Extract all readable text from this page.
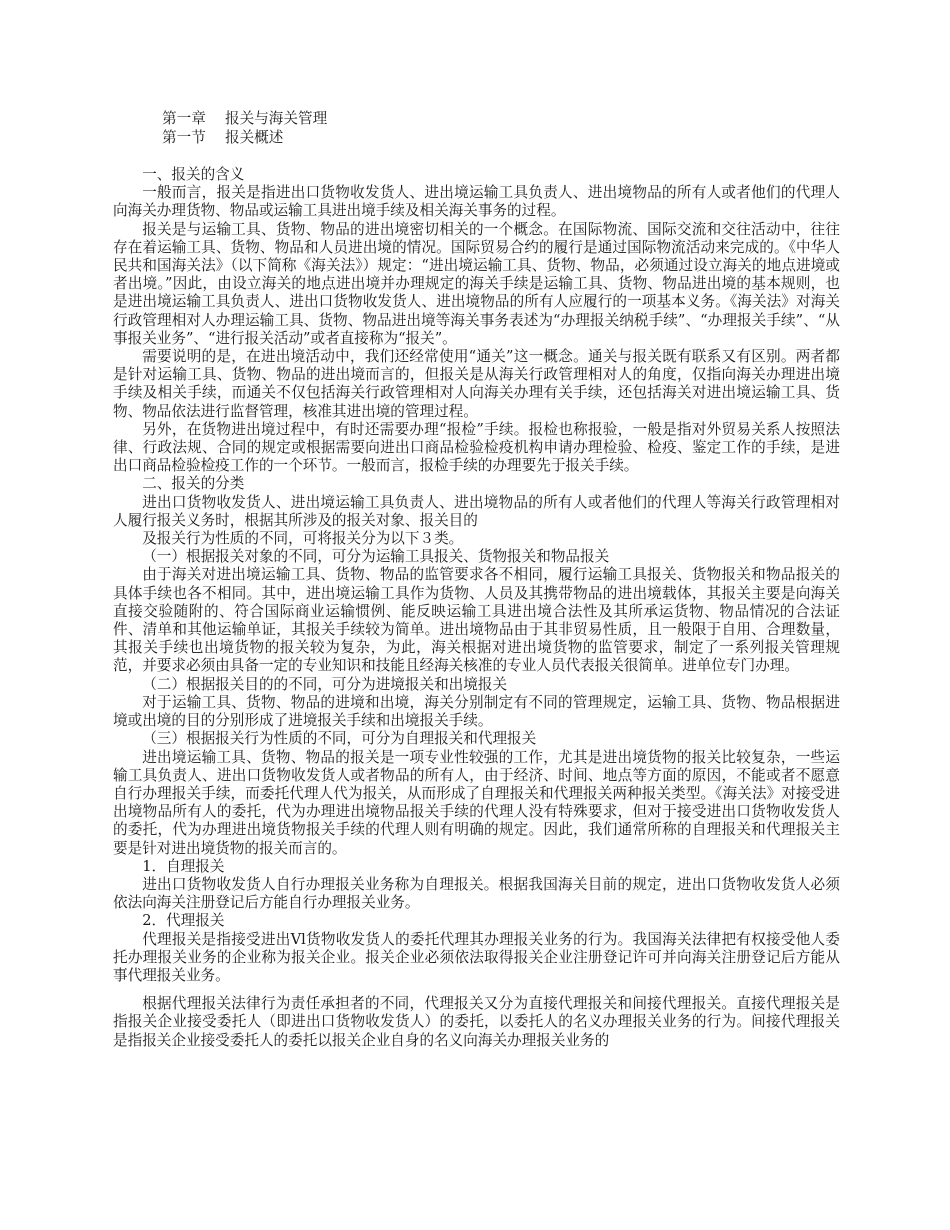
第一章　 报关与海关管理
第一节　 报关概述

一、报关的含义

一般而言，报关是指进出口货物收发货人、进出境运输工具负责人、进出境物品的所有人或者他们的代理人向海关办理货物、物品或运输工具进出境手续及相关海关事务的过程。

报关是与运输工具、货物、物品的进出境密切相关的一个概念。在国际物流、国际交流和交往活动中，往往存在着运输工具、货物、物品和人员进出境的情况。国际贸易合约的履行是通过国际物流活动来完成的。《中华人民共和国海关法》（以下简称《海关法》）规定：“进出境运输工具、货物、物品，必须通过设立海关的地点进境或者出境。”因此，由设立海关的地点进出境并办理规定的海关手续是运输工具、货物、物品进出境的基本规则，也是进出境运输工具负责人、进出口货物收发货人、进出境物品的所有人应履行的一项基本义务。《海关法》对海关行政管理相对人办理运输工具、货物、物品进出境等海关事务表述为“办理报关纳税手续”、“办理报关手续”、“从事报关业务”、“进行报关活动”或者直接称为“报关”。

需要说明的是，在进出境活动中，我们还经常使用“通关”这一概念。通关与报关既有联系又有区别。两者都是针对运输工具、货物、物品的进出境而言的，但报关是从海关行政管理相对人的角度，仅指向海关办理进出境手续及相关手续，而通关不仅包括海关行政管理相对人向海关办理有关手续，还包括海关对进出境运输工具、货物、物品依法进行监督管理，核准其进出境的管理过程。

另外，在货物进出境过程中，有时还需要办理“报检”手续。报检也称报验，一般是指对外贸易关系人按照法律、行政法规、合同的规定或根据需要向进出口商品检验检疫机构申请办理检验、检疫、鉴定工作的手续，是进出口商品检验检疫工作的一个环节。一般而言，报检手续的办理要先于报关手续。

二、报关的分类

进出口货物收发货人、进出境运输工具负责人、进出境物品的所有人或者他们的代理人等海关行政管理相对人履行报关义务时，根据其所涉及的报关对象、报关目的

及报关行为性质的不同，可将报关分为以下３类。

（一）根据报关对象的不同，可分为运输工具报关、货物报关和物品报关

由于海关对进出境运输工具、货物、物品的监管要求各不相同，履行运输工具报关、货物报关和物品报关的具体手续也各不相同。其中，进出境运输工具作为货物、人员及其携带物品的进出境载体，其报关主要是向海关直接交验随附的、符合国际商业运输惯例、能反映运输工具进出境合法性及其所承运货物、物品情况的合法证件、清单和其他运输单证，其报关手续较为简单。进出境物品由于其非贸易性质，且一般限于自用、合理数量，其报关手续也出境货物的报关较为复杂，为此，海关根据对进出境货物的监管要求，制定了一系列报关管理规范，并要求必须由具备一定的专业知识和技能且经海关核准的专业人员代表报关很简单。进单位专门办理。

（二）根据报关目的的不同，可分为进境报关和出境报关

对于运输工具、货物、物品的进境和出境，海关分别制定有不同的管理规定，运输工具、货物、物品根据进境或出境的目的分别形成了进境报关手续和出境报关手续。

（三）根据报关行为性质的不同，可分为自理报关和代理报关

进出境运输工具、货物、物品的报关是一项专业性较强的工作，尤其是进出境货物的报关比较复杂，一些运输工具负责人、进出口货物收发货人或者物品的所有人，由于经济、时间、地点等方面的原因，不能或者不愿意自行办理报关手续，而委托代理人代为报关，从而形成了自理报关和代理报关两种报关类型。《海关法》对接受进出境物品所有人的委托，代为办理进出境物品报关手续的代理人没有特殊要求，但对于接受进出口货物收发货人的委托，代为办理进出境货物报关手续的代理人则有明确的规定。因此，我们通常所称的自理报关和代理报关主要是针对进出境货物的报关而言的。

1．自理报关

进出口货物收发货人自行办理报关业务称为自理报关。根据我国海关目前的规定，进出口货物收发货人必须依法向海关注册登记后方能自行办理报关业务。

2．代理报关

代理报关是指接受进出Vl货物收发货人的委托代理其办理报关业务的行为。我国海关法律把有权接受他人委托办理报关业务的企业称为报关企业。报关企业必须依法取得报关企业注册登记许可并向海关注册登记后方能从事代理报关业务。

根据代理报关法律行为责任承担者的不同，代理报关又分为直接代理报关和间接代理报关。直接代理报关是指报关企业接受委托人（即进出口货物收发货人）的委托，以委托人的名义办理报关业务的行为。间接代理报关是指报关企业接受委托人的委托以报关企业自身的名义向海关办理报关业务的
